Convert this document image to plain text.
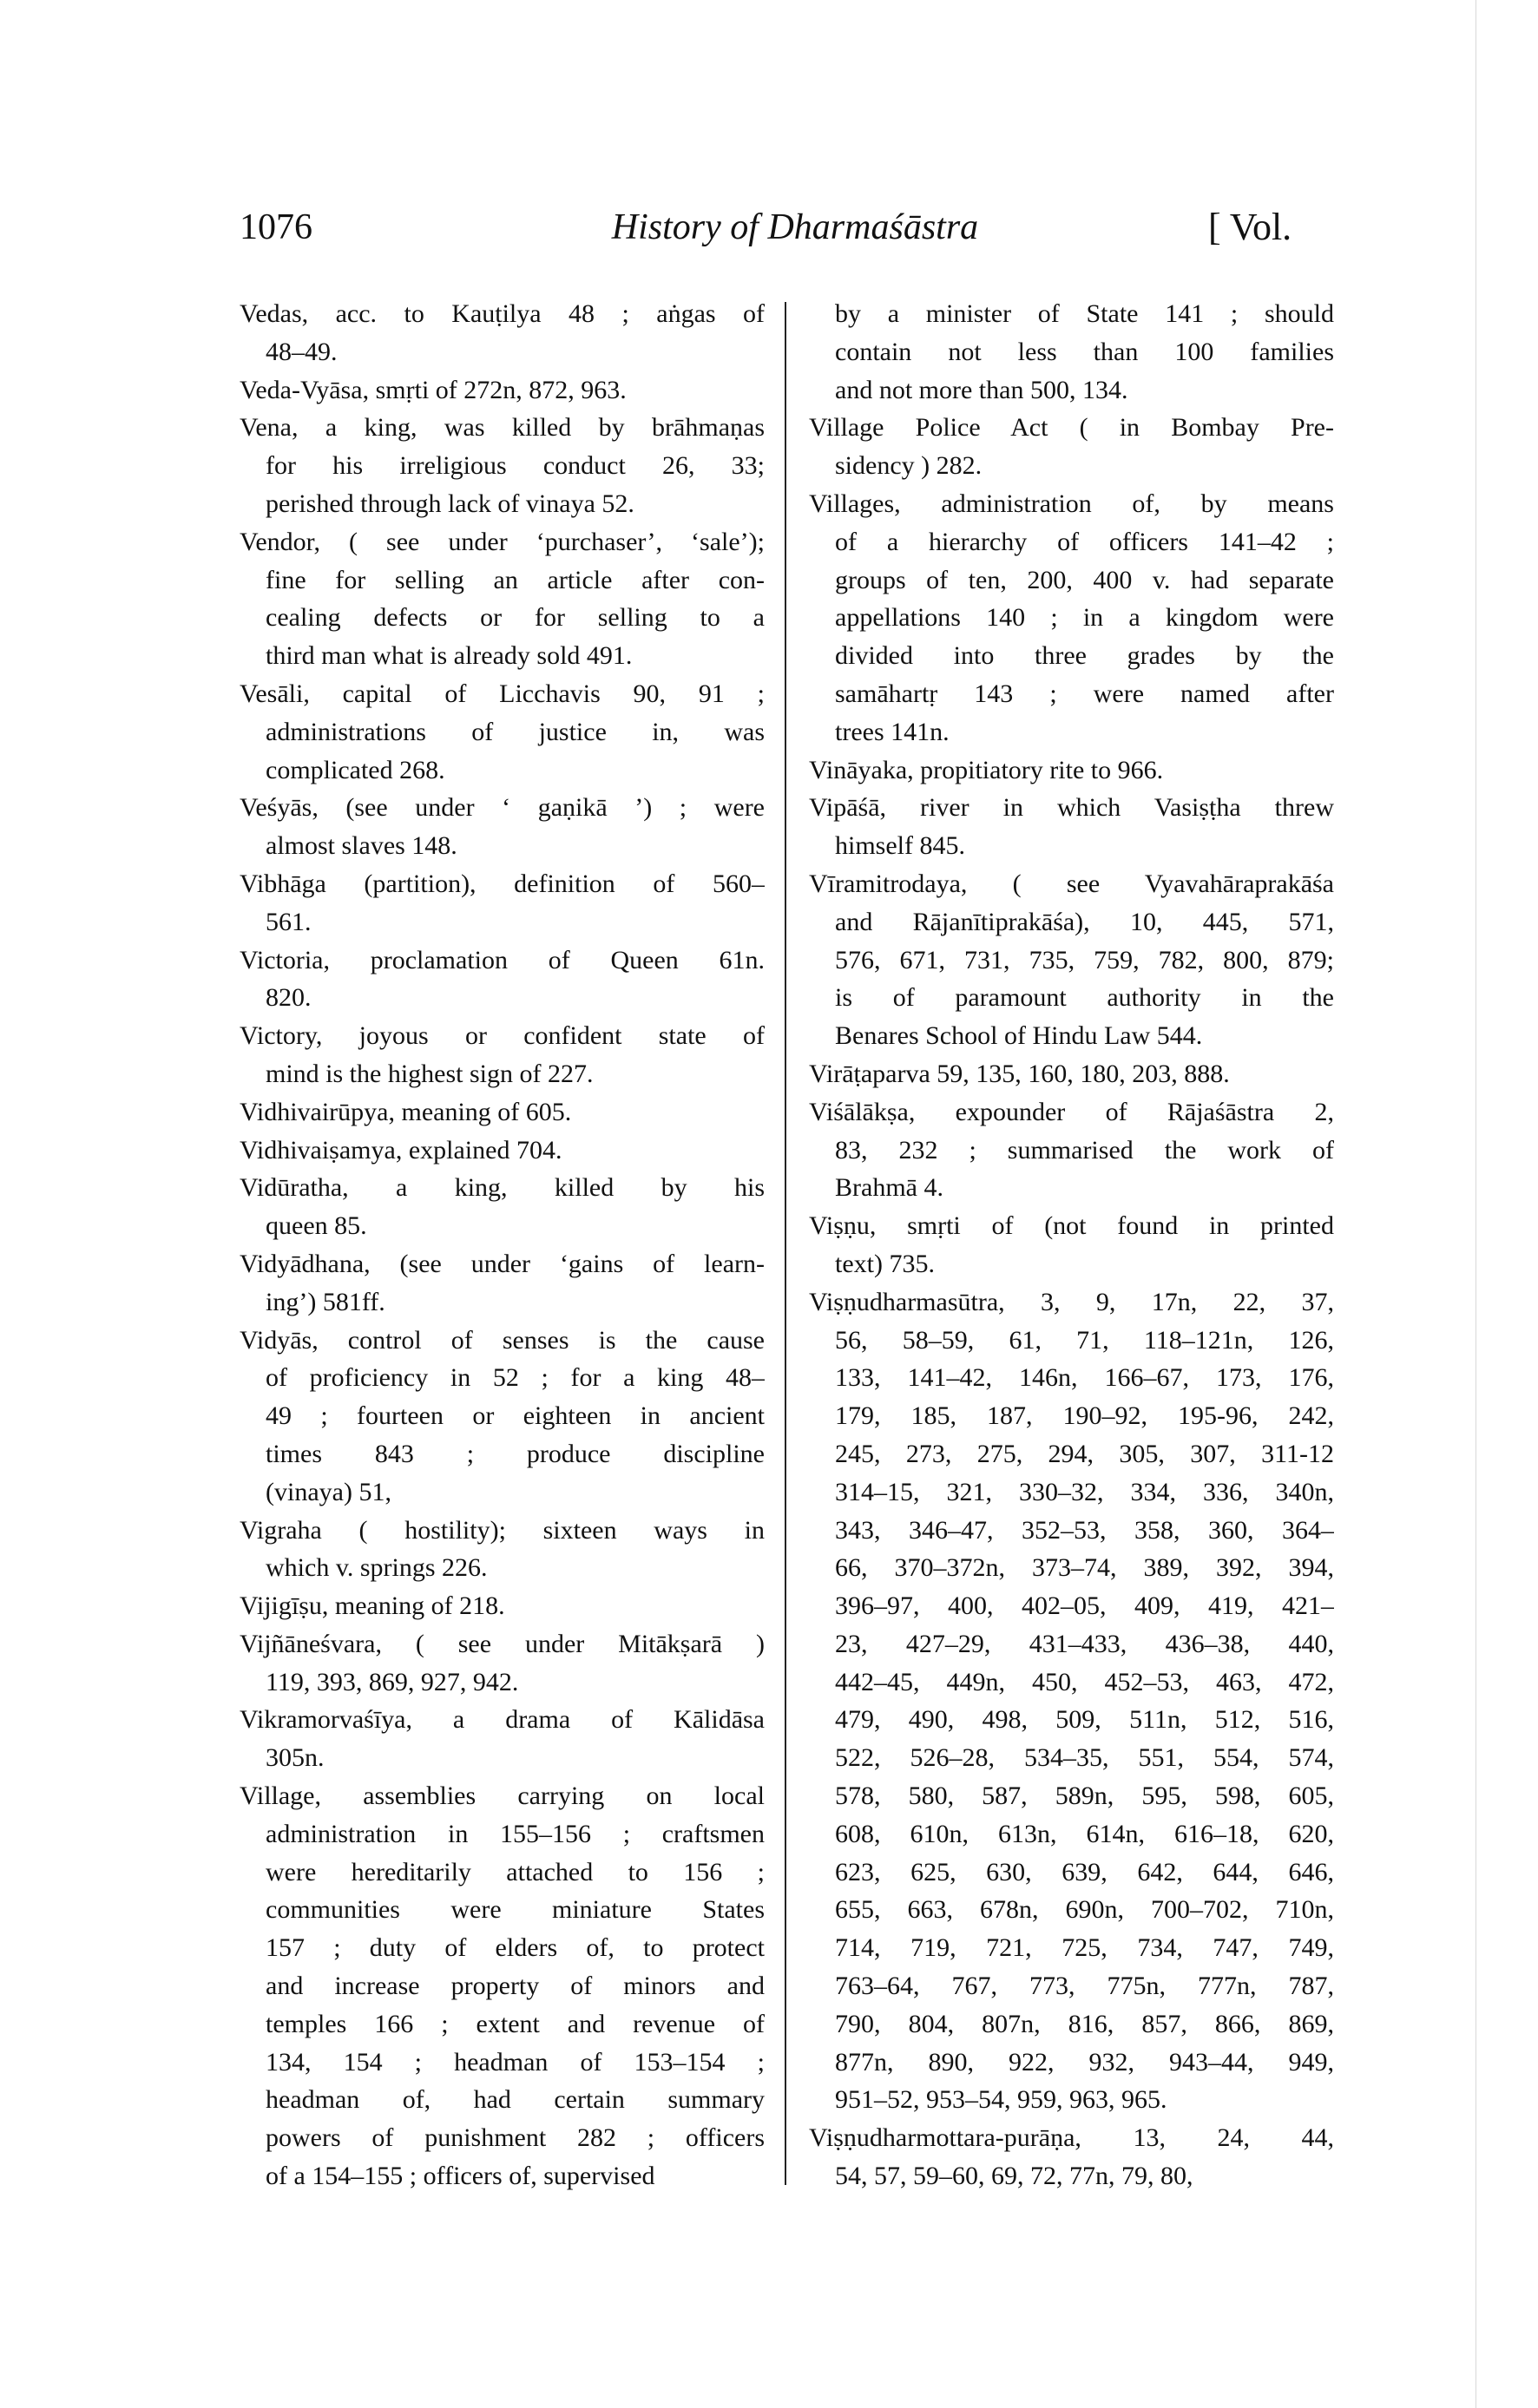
1076	History of Dharmaśāstra	[ Vol.
Vedas, acc. to Kauṭilya 48 ; aṅgas of
48–49.
Veda-Vyāsa, smṛti of 272n, 872, 963.
Vena, a king, was killed by brāhmaṇas
for his irreligious conduct 26, 33;
perished through lack of vinaya 52.
Vendor, ( see under ‘purchaser’, ‘sale’);
fine for selling an article after con-
cealing defects or for selling to a
third man what is already sold 491.
Vesāli, capital of Licchavis 90, 91 ;
administrations of justice in, was
complicated 268.
Veśyās, (see under ‘ gaṇikā ’) ; were
almost slaves 148.
Vibhāga (partition), definition of 560–
561.
Victoria, proclamation of Queen 61n.
820.
Victory, joyous or confident state of
mind is the highest sign of 227.
Vidhivairūpya, meaning of 605.
Vidhivaiṣamya, explained 704.
Vidūratha, a king, killed by his
queen 85.
Vidyādhana, (see under ‘gains of learn-
ing’) 581ff.
Vidyās, control of senses is the cause
of proficiency in 52 ; for a king 48–
49 ; fourteen or eighteen in ancient
times 843 ; produce discipline
(vinaya) 51,
Vigraha ( hostility); sixteen ways in
which v. springs 226.
Vijigīṣu, meaning of 218.
Vijñāneśvara, ( see under Mitākṣarā )
119, 393, 869, 927, 942.
Vikramorvaśīya, a drama of Kālidāsa
305n.
Village, assemblies carrying on local
administration in 155–156 ; craftsmen
were hereditarily attached to 156 ;
communities were miniature States
157 ; duty of elders of, to protect
and increase property of minors and
temples 166 ; extent and revenue of
134, 154 ; headman of 153–154 ;
headman of, had certain summary
powers of punishment 282 ; officers
of a 154–155 ; officers of, supervised
by a minister of State 141 ; should
contain not less than 100 families
and not more than 500, 134.
Village Police Act ( in Bombay Pre-
sidency ) 282.
Villages, administration of, by means
of a hierarchy of officers 141–42 ;
groups of ten, 200, 400 v. had separate
appellations 140 ; in a kingdom were
divided into three grades by the
samāhartṛ 143 ; were named after
trees 141n.
Vināyaka, propitiatory rite to 966.
Vipāśā, river in which Vasiṣṭha threw
himself 845.
Vīramitrodaya, ( see Vyavahāraprakāśa
and Rājanītiprakāśa), 10, 445, 571,
576, 671, 731, 735, 759, 782, 800, 879;
is of paramount authority in the
Benares School of Hindu Law 544.
Virāṭaparva 59, 135, 160, 180, 203, 888.
Viśālākṣa, expounder of Rājaśāstra 2,
83, 232 ; summarised the work of
Brahmā 4.
Viṣṇu, smṛti of (not found in printed
text) 735.
Viṣṇudharmasūtra, 3, 9, 17n, 22, 37,
56, 58–59, 61, 71, 118–121n, 126,
133, 141–42, 146n, 166–67, 173, 176,
179, 185, 187, 190–92, 195-96, 242,
245, 273, 275, 294, 305, 307, 311-12
314–15, 321, 330–32, 334, 336, 340n,
343, 346–47, 352–53, 358, 360, 364–
66, 370–372n, 373–74, 389, 392, 394,
396–97, 400, 402–05, 409, 419, 421–
23, 427–29, 431–433, 436–38, 440,
442–45, 449n, 450, 452–53, 463, 472,
479, 490, 498, 509, 511n, 512, 516,
522, 526–28, 534–35, 551, 554, 574,
578, 580, 587, 589n, 595, 598, 605,
608, 610n, 613n, 614n, 616–18, 620,
623, 625, 630, 639, 642, 644, 646,
655, 663, 678n, 690n, 700–702, 710n,
714, 719, 721, 725, 734, 747, 749,
763–64, 767, 773, 775n, 777n, 787,
790, 804, 807n, 816, 857, 866, 869,
877n, 890, 922, 932, 943–44, 949,
951–52, 953–54, 959, 963, 965.
Viṣṇudharmottara-purāṇa, 13, 24, 44,
54, 57, 59–60, 69, 72, 77n, 79, 80,
